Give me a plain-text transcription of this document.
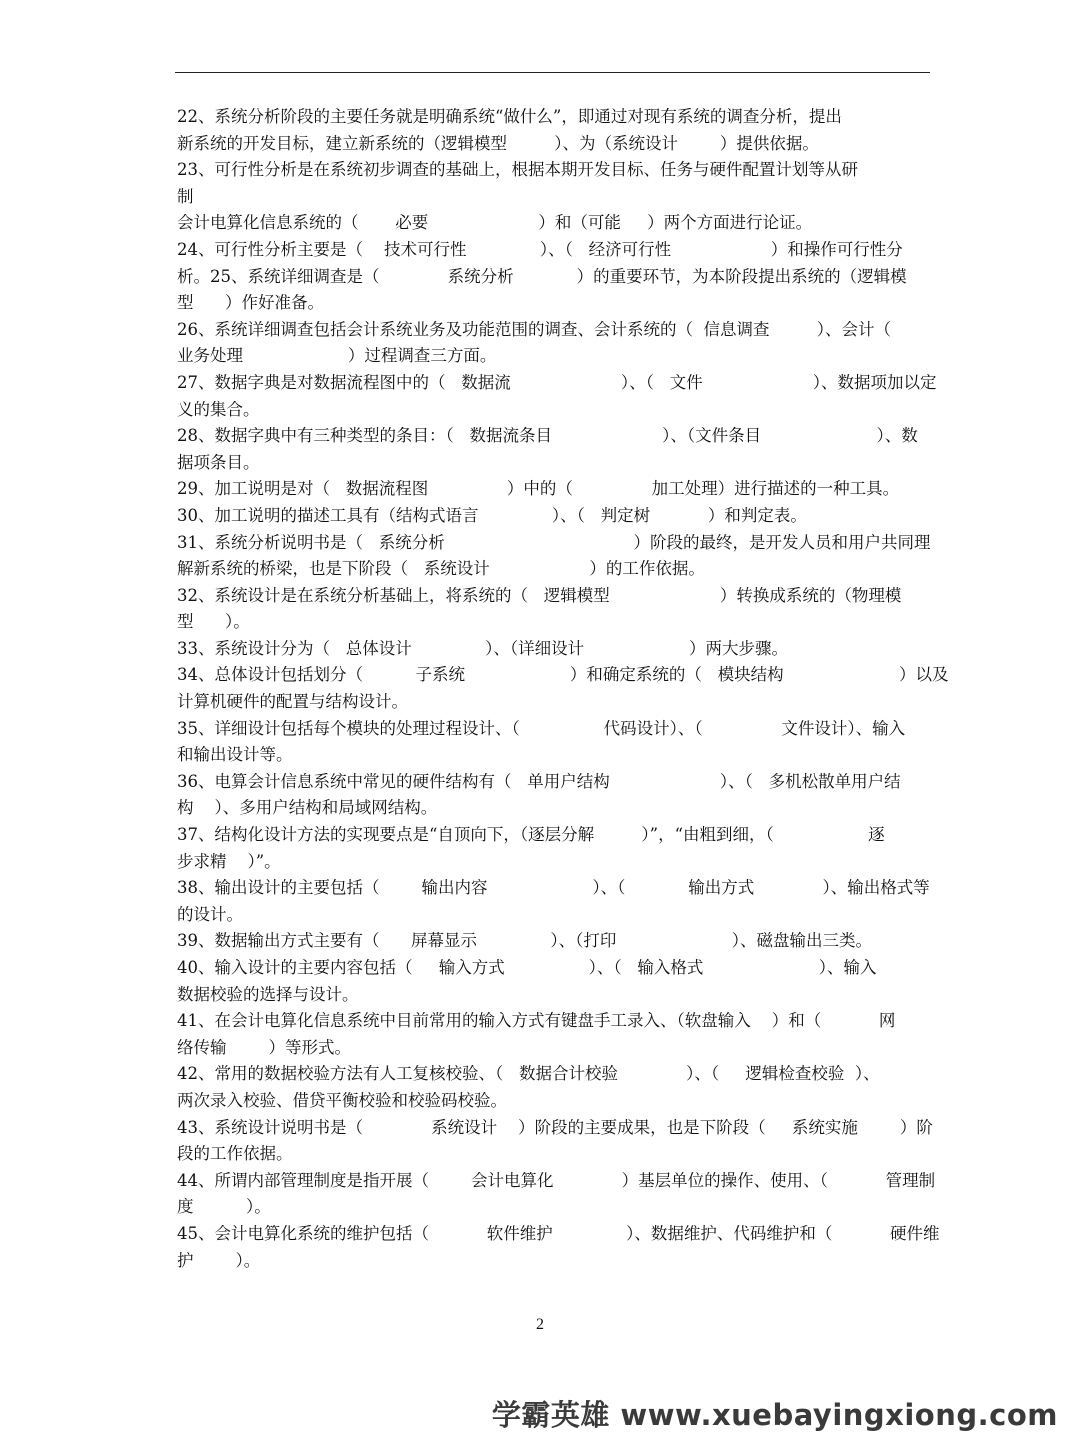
22、系统分析阶段的主要任务就是明确系统“做什么”，即通过对现有系统的调查分析，提出
新系统的开发目标，建立新系统的（逻辑模型         ）、为（系统设计        ）提供依据。
23、可行性分析是在系统初步调查的基础上，根据本期开发目标、任务与硬件配置计划等从研
制
会计电算化信息系统的（       必要                     ）和（可能     ）两个方面进行论证。
24、可行性分析主要是（    技术可行性              ）、（   经济可行性                   ）和操作可行性分
析。25、系统详细调查是（             系统分析            ）的重要环节，为本阶段提出系统的（逻辑模
型      ）作好准备。
26、系统详细调查包括会计系统业务及功能范围的调查、会计系统的（  信息调查         ）、会计（
业务处理                    ）过程调查三方面。
27、数据字典是对数据流程图中的（   数据流                     ）、（   文件                     ）、数据项加以定
义的集合。
28、数据字典中有三种类型的条目：（   数据流条目                     ）、（文件条目                      ）、数
据项条目。
29、加工说明是对（   数据流程图               ）中的（               加工处理）进行描述的一种工具。
30、加工说明的描述工具有（结构式语言              ）、（   判定树           ）和判定表。
31、系统分析说明书是（   系统分析                                    ）阶段的最终，是开发人员和用户共同理
解新系统的桥梁，也是下阶段（   系统设计                   ）的工作依据。
32、系统设计是在系统分析基础上，将系统的（   逻辑模型                     ）转换成系统的（物理模
型      ）。
33、系统设计分为（   总体设计              ）、（详细设计                    ）两大步骤。
34、总体设计包括划分（          子系统                    ）和确定系统的（   模块结构                      ）以及
计算机硬件的配置与结构设计。
35、详细设计包括每个模块的处理过程设计、（                代码设计）、（               文件设计）、输入
和输出设计等。
36、电算会计信息系统中常见的硬件结构有（   单用户结构                     ）、（   多机松散单用户结
构    ）、多用户结构和局域网结构。
37、结构化设计方法的实现要点是“自顶向下，（逐层分解         ）”，“由粗到细，（                  逐
步求精    ）”。
38、输出设计的主要包括（        输出内容                    ）、（            输出方式             ）、输出格式等
的设计。
39、数据输出方式主要有（      屏幕显示              ）、（打印                      ）、磁盘输出三类。
40、输入设计的主要内容包括（     输入方式                ）、（   输入格式                      ）、输入
数据校验的选择与设计。
41、在会计电算化信息系统中目前常用的输入方式有键盘手工录入、（软盘输入    ）和（           网
络传输        ）等形式。
42、常用的数据校验方法有人工复核校验、（   数据合计校验             ）、（     逻辑检查校验  ）、
两次录入校验、借贷平衡校验和校验码校验。
43、系统设计说明书是（             系统设计    ）阶段的主要成果，也是下阶段（     系统实施        ）阶
段的工作依据。
44、所谓内部管理制度是指开展（        会计电算化             ）基层单位的操作、使用、（           管理制
度          ）。
45、会计电算化系统的维护包括（           软件维护              ）、数据维护、代码维护和（           硬件维
护        ）。
2
学霸英雄 www.xuebayingxiong.com
